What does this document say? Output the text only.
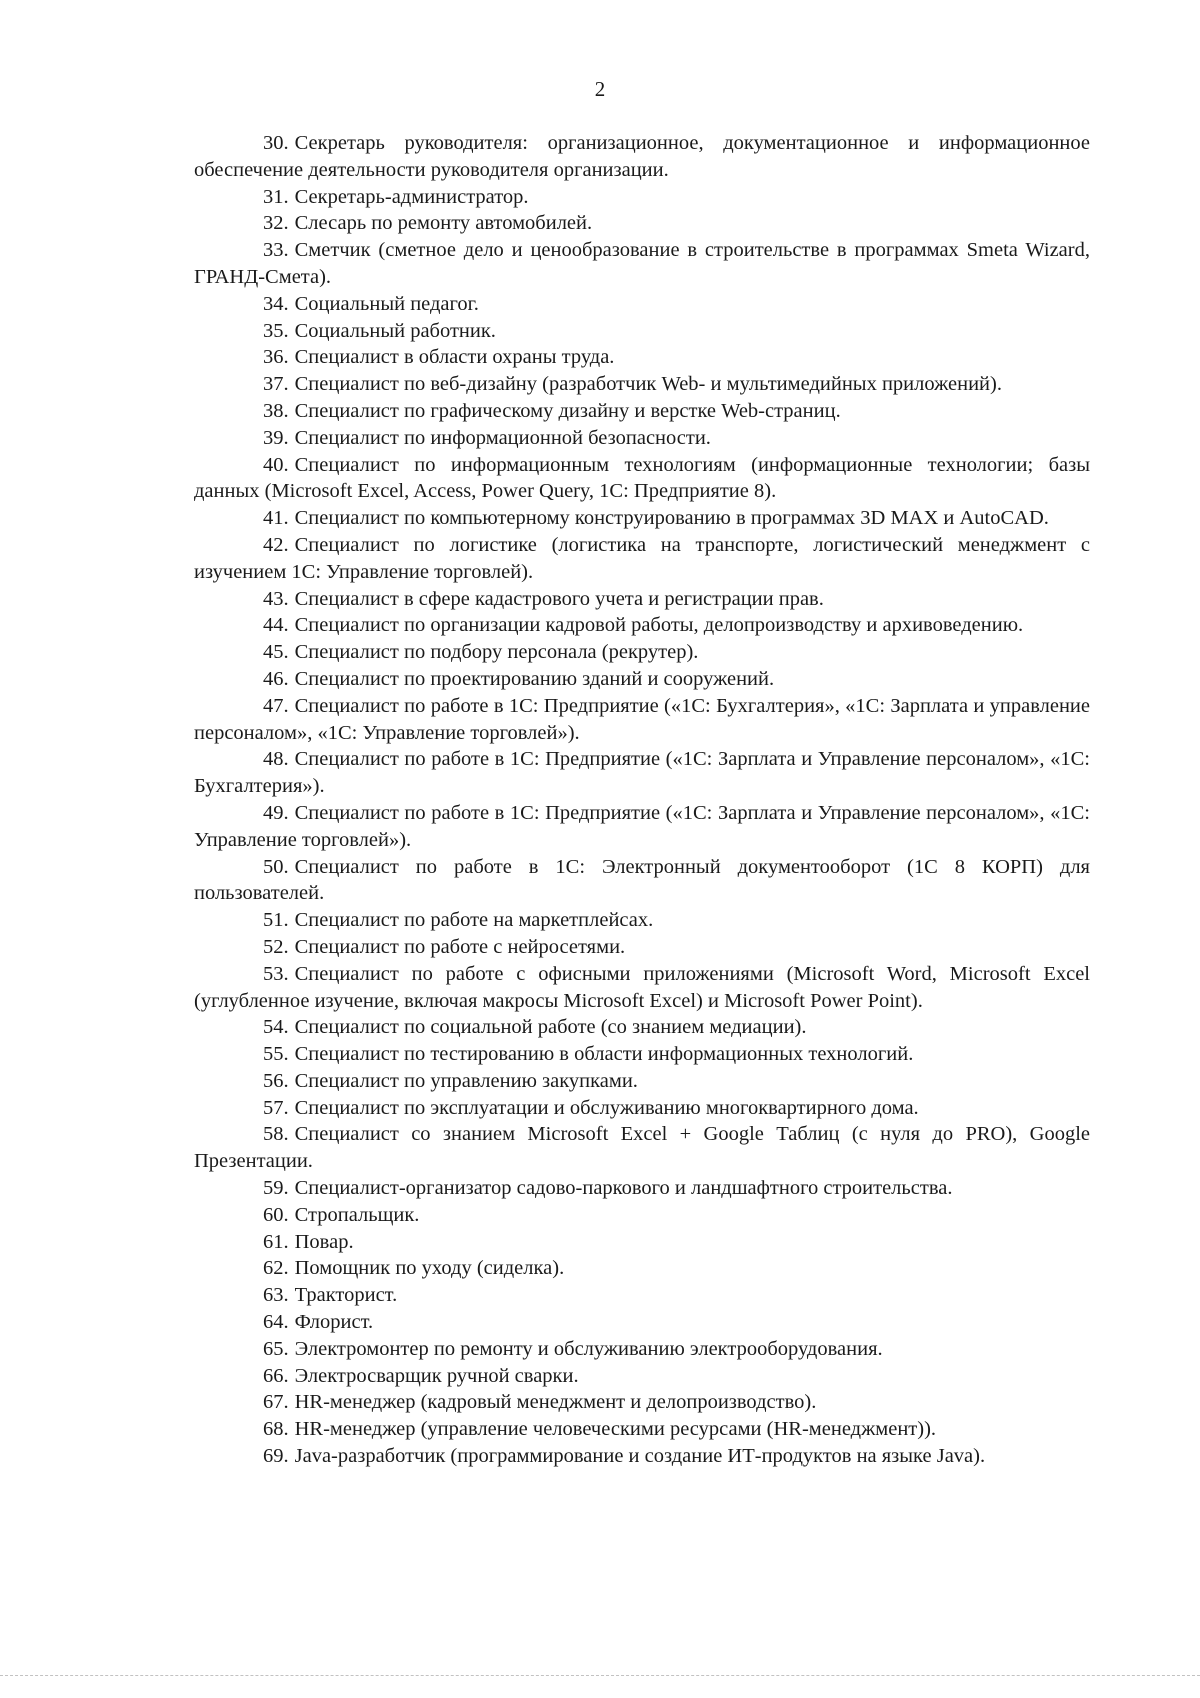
2

30. Секретарь руководителя: организационное, документационное и информационное обеспечение деятельности руководителя организации.

31. Секретарь-администратор.

32. Слесарь по ремонту автомобилей.

33. Сметчик (сметное дело и ценообразование в строительстве в программах Smeta Wizard, ГРАНД-Смета).

34. Социальный педагог.

35. Социальный работник.

36. Специалист в области охраны труда.

37. Специалист по веб-дизайну (разработчик Web- и мультимедийных приложений).

38. Специалист по графическому дизайну и верстке Web-страниц.

39. Специалист по информационной безопасности.

40. Специалист по информационным технологиям (информационные технологии; базы данных (Microsoft Excel, Access, Power Query, 1С: Предприятие 8).

41. Специалист по компьютерному конструированию в программах 3D MAX и AutoCAD.

42. Специалист по логистике (логистика на транспорте, логистический менеджмент с изучением 1С: Управление торговлей).

43. Специалист в сфере кадастрового учета и регистрации прав.

44. Специалист по организации кадровой работы, делопроизводству и архивоведению.

45. Специалист по подбору персонала (рекрутер).

46. Специалист по проектированию зданий и сооружений.

47. Специалист по работе в 1С: Предприятие («1С: Бухгалтерия», «1С: Зарплата и управление персоналом», «1С: Управление торговлей»).

48. Специалист по работе в 1С: Предприятие («1С: Зарплата и Управление персоналом», «1С: Бухгалтерия»).

49. Специалист по работе в 1С: Предприятие («1С: Зарплата и Управление персоналом», «1С: Управление торговлей»).

50. Специалист по работе в 1С: Электронный документооборот (1С 8 КОРП) для пользователей.

51. Специалист по работе на маркетплейсах.

52. Специалист по работе с нейросетями.

53. Специалист по работе с офисными приложениями (Microsoft Word, Microsoft Excel (углубленное изучение, включая макросы Microsoft Excel) и Microsoft Power Point).

54. Специалист по социальной работе (со знанием медиации).

55. Специалист по тестированию в области информационных технологий.

56. Специалист по управлению закупками.

57. Специалист по эксплуатации и обслуживанию многоквартирного дома.

58. Специалист со знанием Microsoft Excel + Google Таблиц (с нуля до PRO), Google Презентации.

59. Специалист-организатор садово-паркового и ландшафтного строительства.

60. Стропальщик.

61. Повар.

62. Помощник по уходу (сиделка).

63. Тракторист.

64. Флорист.

65. Электромонтер по ремонту и обслуживанию электрооборудования.

66. Электросварщик ручной сварки.

67. HR-менеджер (кадровый менеджмент и делопроизводство).

68. HR-менеджер (управление человеческими ресурсами (HR-менеджмент)).

69. Java-разработчик (программирование и создание ИТ-продуктов на языке Java).
